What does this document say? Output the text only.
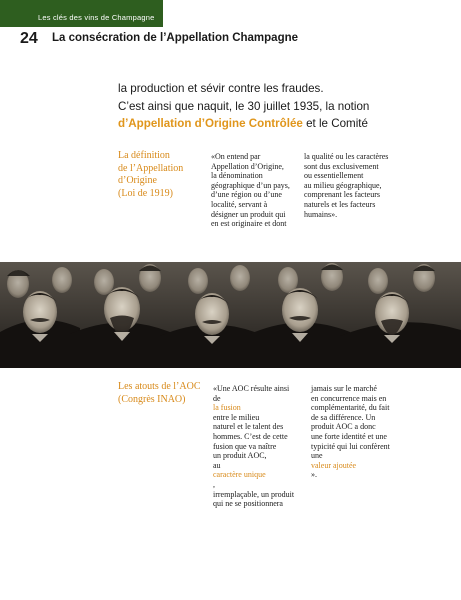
Les clés des vins de Champagne
24 La consécration de l’Appellation Champagne
la production et sévir contre les fraudes.
C’est ainsi que naquit, le 30 juillet 1935, la notion
d’Appellation d’Origine Contrôlée et le Comité
La définition
de l’Appellation
d’Origine
(Loi de 1919)
«On entend par
Appellation d’Origine,
la dénomination
géographique d’un pays,
d’une région ou d’une
localité, servant à
désigner un produit qui
en est originaire et dont
la qualité ou les caractères
sont dus exclusivement
ou essentiellement
au milieu géographique,
comprenant les facteurs
naturels et les facteurs
humains».
Les atouts de l’AOC
(Congrès INAO)
«Une AOC résulte ainsi
de
la fusion
entre le milieu
naturel et le talent des
hommes. C’est de cette
fusion que va naître
un produit AOC,
au
caractère unique
,
irremplaçable, un produit
qui ne se positionnera
jamais sur le marché
en concurrence mais en
complémentarité, du fait
de sa différence. Un
produit AOC a donc
une forte identité et une
typicité qui lui confèrent
une
valeur ajoutée
».
